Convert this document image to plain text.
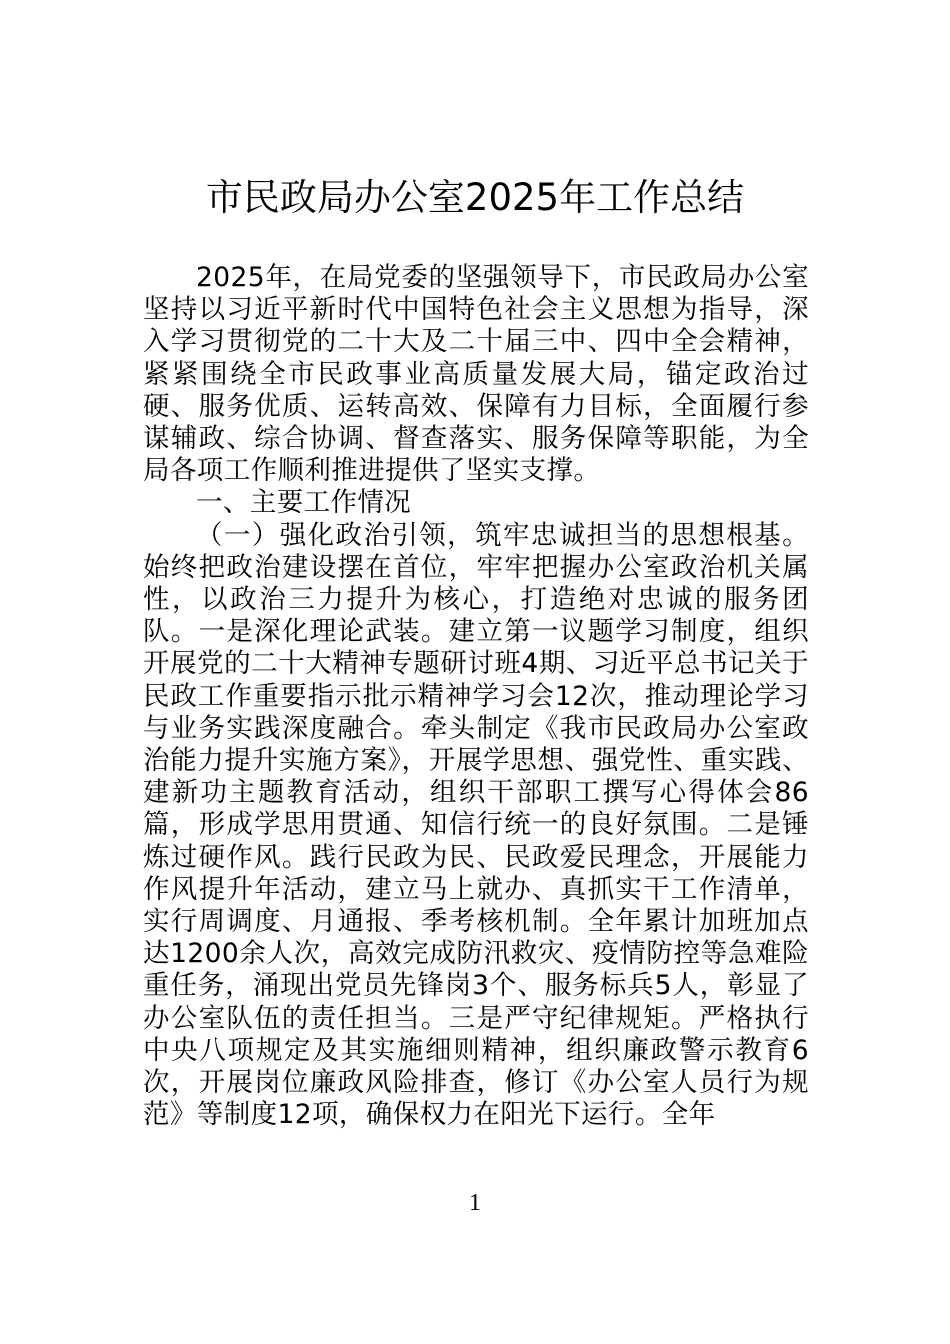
市民政局办公室2025年工作总结

2025年，在局党委的坚强领导下，市民政局办公室坚持以习近平新时代中国特色社会主义思想为指导，深入学习贯彻党的二十大及二十届三中、四中全会精神，紧紧围绕全市民政事业高质量发展大局，锚定政治过硬、服务优质、运转高效、保障有力目标，全面履行参谋辅政、综合协调、督查落实、服务保障等职能，为全局各项工作顺利推进提供了坚实支撑。

一、主要工作情况

（一）强化政治引领，筑牢忠诚担当的思想根基。始终把政治建设摆在首位，牢牢把握办公室政治机关属性，以政治三力提升为核心，打造绝对忠诚的服务团队。一是深化理论武装。建立第一议题学习制度，组织开展党的二十大精神专题研讨班4期、习近平总书记关于民政工作重要指示批示精神学习会12次，推动理论学习与业务实践深度融合。牵头制定《我市民政局办公室政治能力提升实施方案》，开展学思想、强党性、重实践、建新功主题教育活动，组织干部职工撰写心得体会86篇，形成学思用贯通、知信行统一的良好氛围。二是锤炼过硬作风。践行民政为民、民政爱民理念，开展能力作风提升年活动，建立马上就办、真抓实干工作清单，实行周调度、月通报、季考核机制。全年累计加班加点达1200余人次，高效完成防汛救灾、疫情防控等急难险重任务，涌现出党员先锋岗3个、服务标兵5人，彰显了办公室队伍的责任担当。三是严守纪律规矩。严格执行中央八项规定及其实施细则精神，组织廉政警示教育6次，开展岗位廉政风险排查，修订《办公室人员行为规范》等制度12项，确保权力在阳光下运行。全年

1
